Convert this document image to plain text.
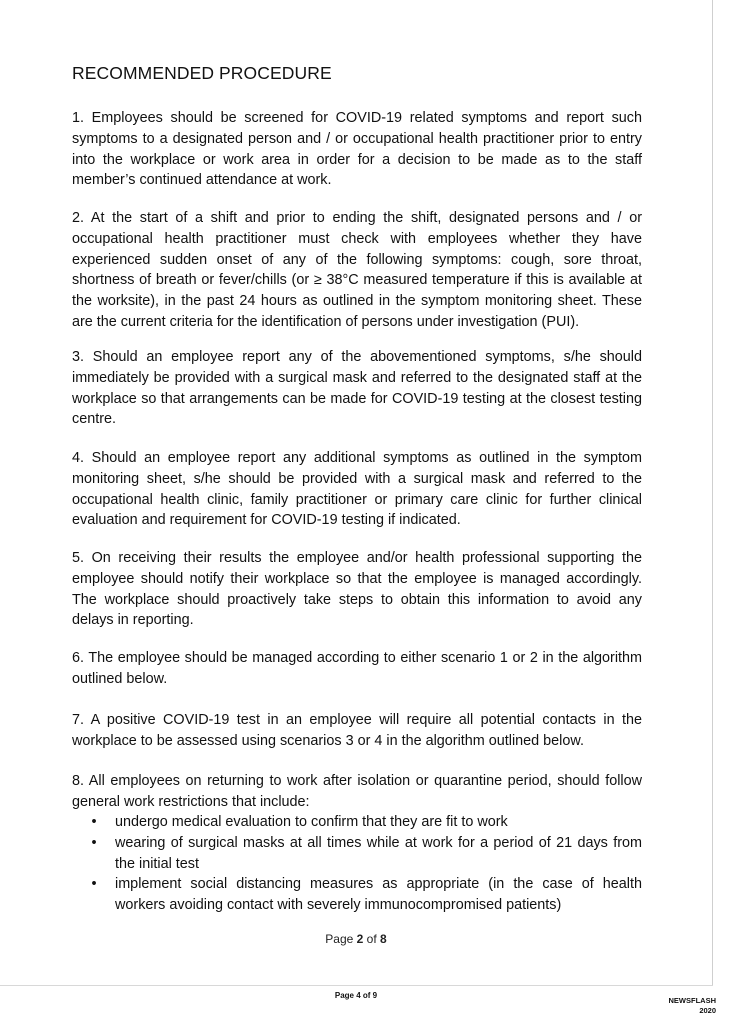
RECOMMENDED PROCEDURE
1. Employees should be screened for COVID-19 related symptoms and report such symptoms to a designated person and / or occupational health practitioner prior to entry into the workplace or work area in order for a decision to be made as to the staff member’s continued attendance at work.
2. At the start of a shift and prior to ending the shift, designated persons and / or occupational health practitioner must check with employees whether they have experienced sudden onset of any of the following symptoms: cough, sore throat, shortness of breath or fever/chills (or ≥ 38°C measured temperature if this is available at the worksite), in the past 24 hours as outlined in the symptom monitoring sheet. These are the current criteria for the identification of persons under investigation (PUI).
3. Should an employee report any of the abovementioned symptoms, s/he should immediately be provided with a surgical mask and referred to the designated staff at the workplace so that arrangements can be made for COVID-19 testing at the closest testing centre.
4. Should an employee report any additional symptoms as outlined in the symptom monitoring sheet, s/he should be provided with a surgical mask and referred to the occupational health clinic, family practitioner or primary care clinic for further clinical evaluation and requirement for COVID-19 testing if indicated.
5. On receiving their results the employee and/or health professional supporting the employee should notify their workplace so that the employee is managed accordingly. The workplace should proactively take steps to obtain this information to avoid any delays in reporting.
6. The employee should be managed according to either scenario 1 or 2 in the algorithm outlined below.
7. A positive COVID-19 test in an employee will require all potential contacts in the workplace to be assessed using scenarios 3 or 4 in the algorithm outlined below.
8. All employees on returning to work after isolation or quarantine period, should follow general work restrictions that include:
• undergo medical evaluation to confirm that they are fit to work
• wearing of surgical masks at all times while at work for a period of 21 days from the initial test
• implement social distancing measures as appropriate (in the case of health workers avoiding contact with severely immunocompromised patients)
Page 2 of 8
Page 4 of 9
NEWSFLASH
2020
